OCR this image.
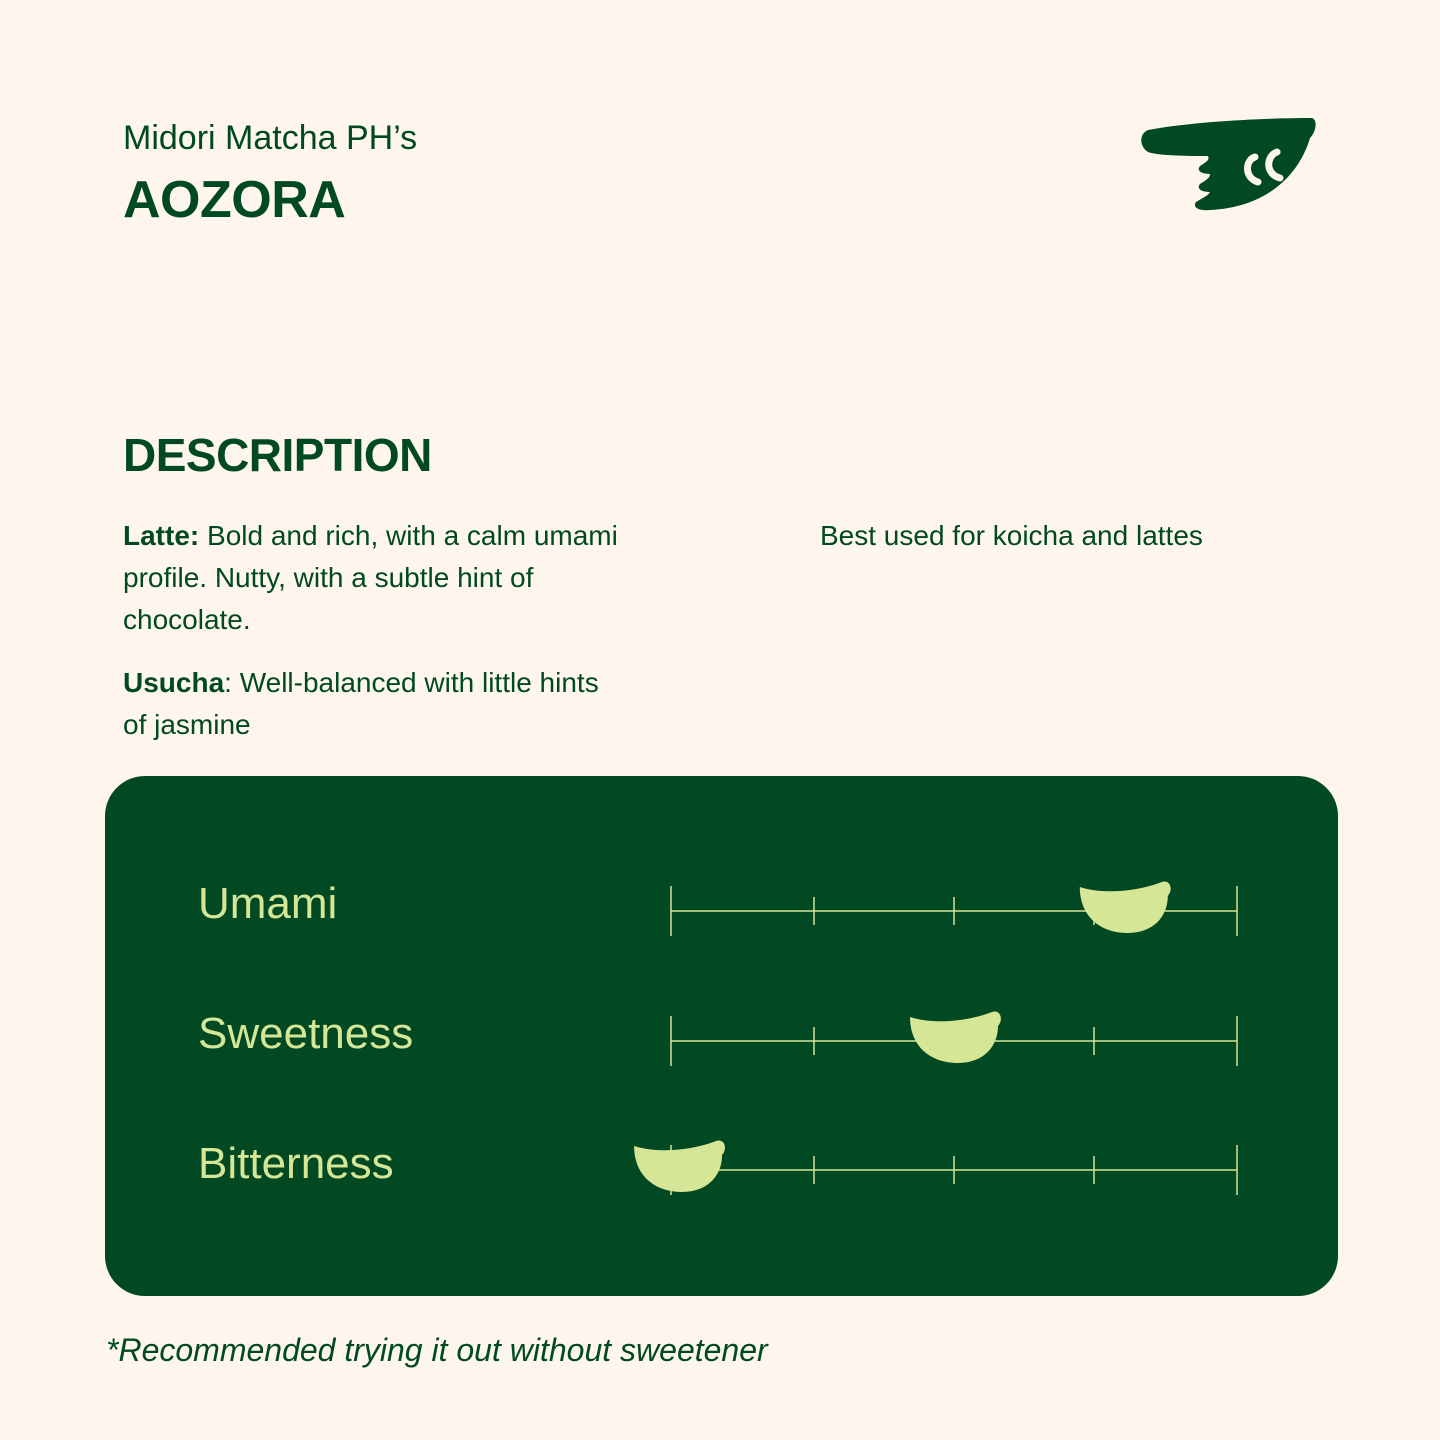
Midori Matcha PH’s
AOZORA
DESCRIPTION
Latte: Bold and rich, with a calm umami profile. Nutty, with a subtle hint of chocolate.
Usucha: Well-balanced with little hints of jasmine
Best used for koicha and lattes
Umami
Sweetness
Bitterness
*Recommended trying it out without sweetener
